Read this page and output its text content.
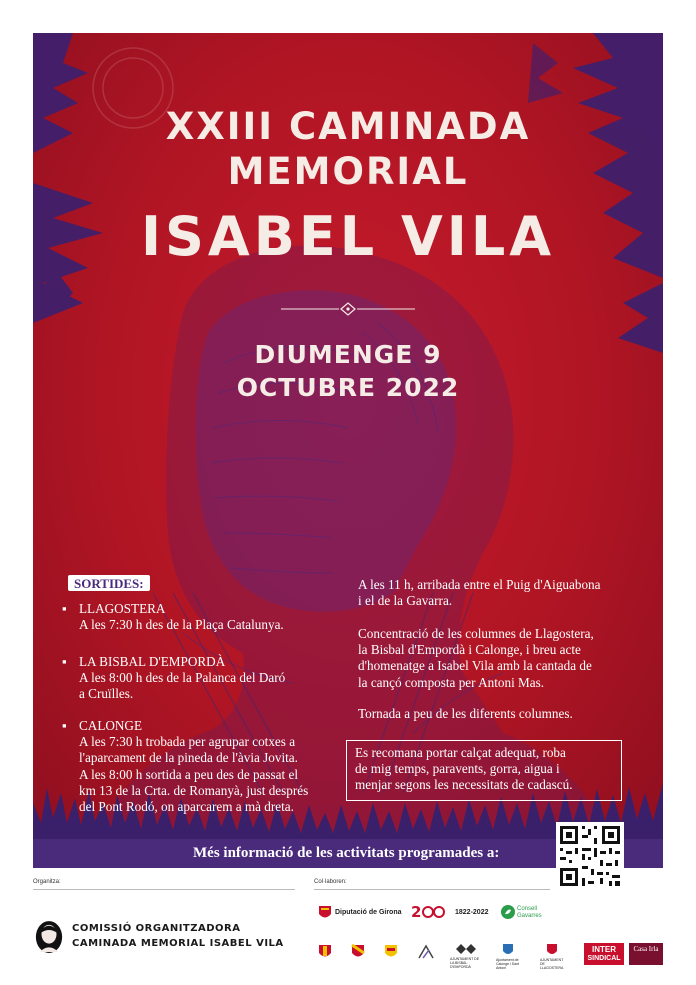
XXIII CAMINADA
MEMORIAL
ISABEL VILA
DIUMENGE 9
OCTUBRE 2022
SORTIDES:
▪ LLAGOSTERA
A les 7:30 h des de la Plaça Catalunya.
▪ LA BISBAL D'EMPORDÀ
A les 8:00 h des de la Palanca del Daró
a Cruïlles.
▪ CALONGE
A les 7:30 h trobada per agrupar cotxes a
l'aparcament de la pineda de l'àvia Jovita.
A les 8:00 h sortida a peu des de passat el
km 13 de la Crta. de Romanyà, just després
del Pont Rodó, on aparcarem a mà dreta.
A les 11 h, arribada entre el Puig d'Aiguabona
i el de la Gavarra.
Concentració de les columnes de Llagostera,
la Bisbal d'Empordà i Calonge, i breu acte
d'homenatge a Isabel Vila amb la cantada de
la cançó composta per Antoni Mas.
Tornada a peu de les diferents columnes.
Es recomana portar calçat adequat, roba
de mig temps, paravents, gorra, aigua i
menjar segons les necessitats de cadascú.
Més informació de les activitats programades a:
Organitza:	Col·laboren:
COMISSIÓ ORGANITZADORA
CAMINADA MEMORIAL ISABEL VILA
Diputació de Girona 2	1822-2022	Consell Gavarres
AJUNTAMENT DE LA BISBAL D'EMPORDÀ
Ajuntament de Calonge i Sant Antoni
AJUNTAMENT DE LLAGOSTERA
INTER
SINDICAL
Casa Irla
